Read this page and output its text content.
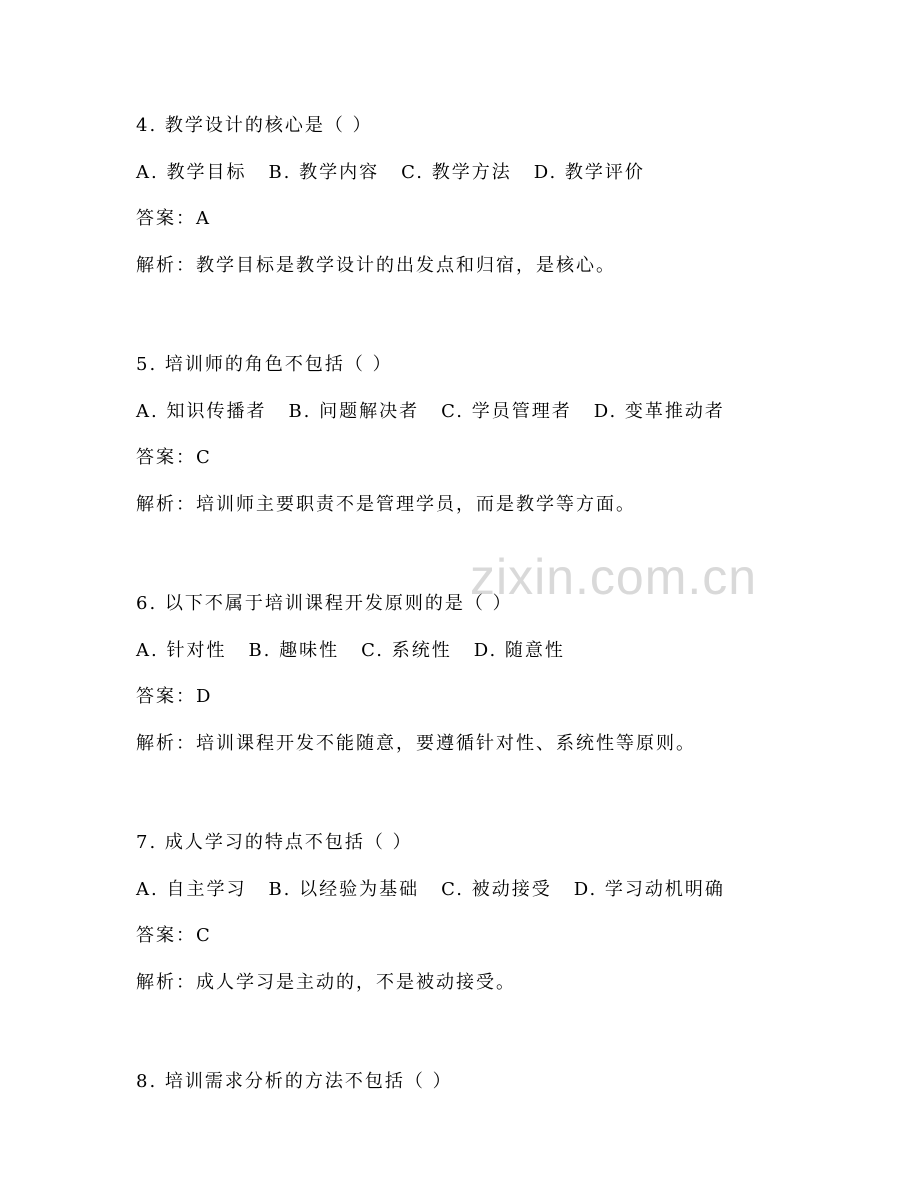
zixin.com.cn
4. 教学设计的核心是（ ）
A. 教学目标 B. 教学内容 C. 教学方法 D. 教学评价
答案：A
解析：教学目标是教学设计的出发点和归宿，是核心。
5. 培训师的角色不包括（ ）
A. 知识传播者 B. 问题解决者 C. 学员管理者 D. 变革推动者
答案：C
解析：培训师主要职责不是管理学员，而是教学等方面。
6. 以下不属于培训课程开发原则的是（ ）
A. 针对性 B. 趣味性 C. 系统性 D. 随意性
答案：D
解析：培训课程开发不能随意，要遵循针对性、系统性等原则。
7. 成人学习的特点不包括（ ）
A. 自主学习 B. 以经验为基础 C. 被动接受 D. 学习动机明确
答案：C
解析：成人学习是主动的，不是被动接受。
8. 培训需求分析的方法不包括（ ）
